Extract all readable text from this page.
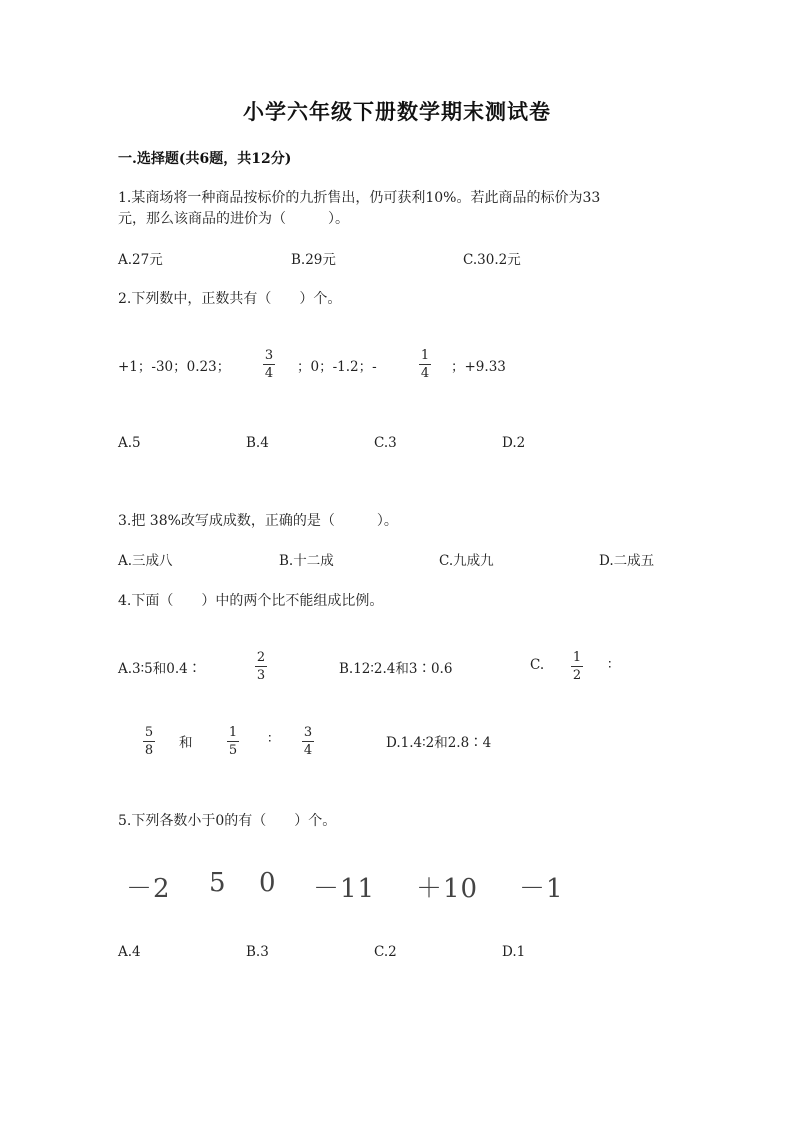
小学六年级下册数学期末测试卷
一.选择题(共6题，共12分)
1.某商场将一种商品按标价的九折售出，仍可获利10%。若此商品的标价为33
元，那么该商品的进价为（　　　）。
A.27元	B.29元	C.30.2元
2.下列数中，正数共有（　　）个。
+1；-30；0.23；
3
4 ；0；-1.2；-
1
4 ；+9.33
A.5	B.4	C.3	D.2
3.把 38%改写成成数，正确的是（　　　）。
A.三成八	B.十二成	C.九成九	D.二成五
4.下面（　　）中的两个比不能组成比例。
A.3∶5和0.4∶
2
3	B.12∶2.4和3∶0.6	C. 1
2
∶
5
8 和
1
5
∶ 3
4	D.1.4∶2和2.8∶4
5.下列各数小于0的有（　　）个。
－2 5 0 －11 ＋10 －1
A.4	B.3	C.2	D.1
